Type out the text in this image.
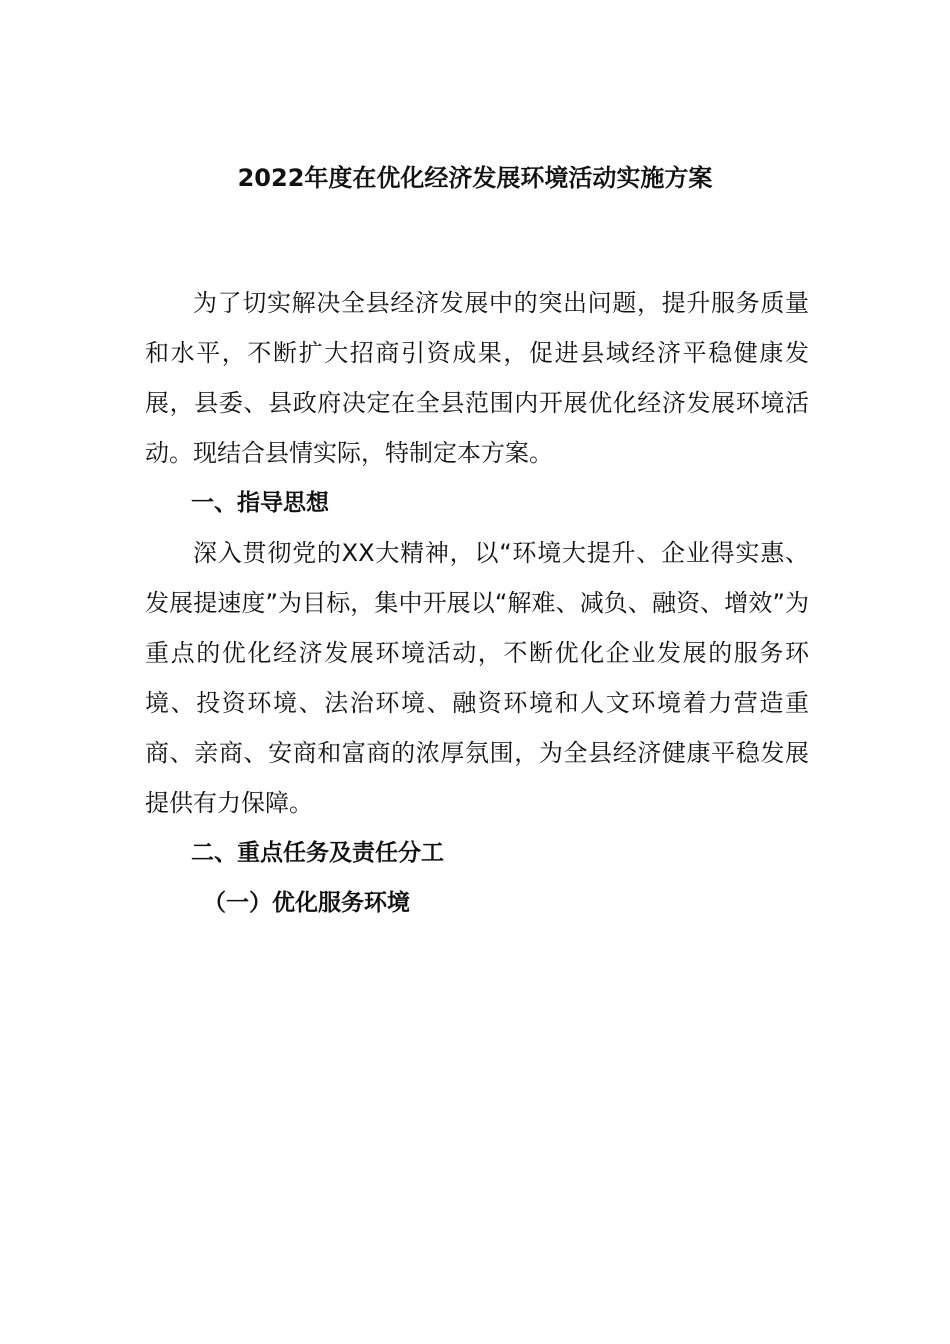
2022年度在优化经济发展环境活动实施方案

为了切实解决全县经济发展中的突出问题，提升服务质量和水平，不断扩大招商引资成果，促进县域经济平稳健康发展，县委、县政府决定在全县范围内开展优化经济发展环境活动。现结合县情实际，特制定本方案。

一、指导思想

深入贯彻党的XX大精神，以“环境大提升、企业得实惠、发展提速度”为目标，集中开展以“解难、减负、融资、增效”为重点的优化经济发展环境活动，不断优化企业发展的服务环境、投资环境、法治环境、融资环境和人文环境着力营造重商、亲商、安商和富商的浓厚氛围，为全县经济健康平稳发展提供有力保障。

二、重点任务及责任分工

（一）优化服务环境
